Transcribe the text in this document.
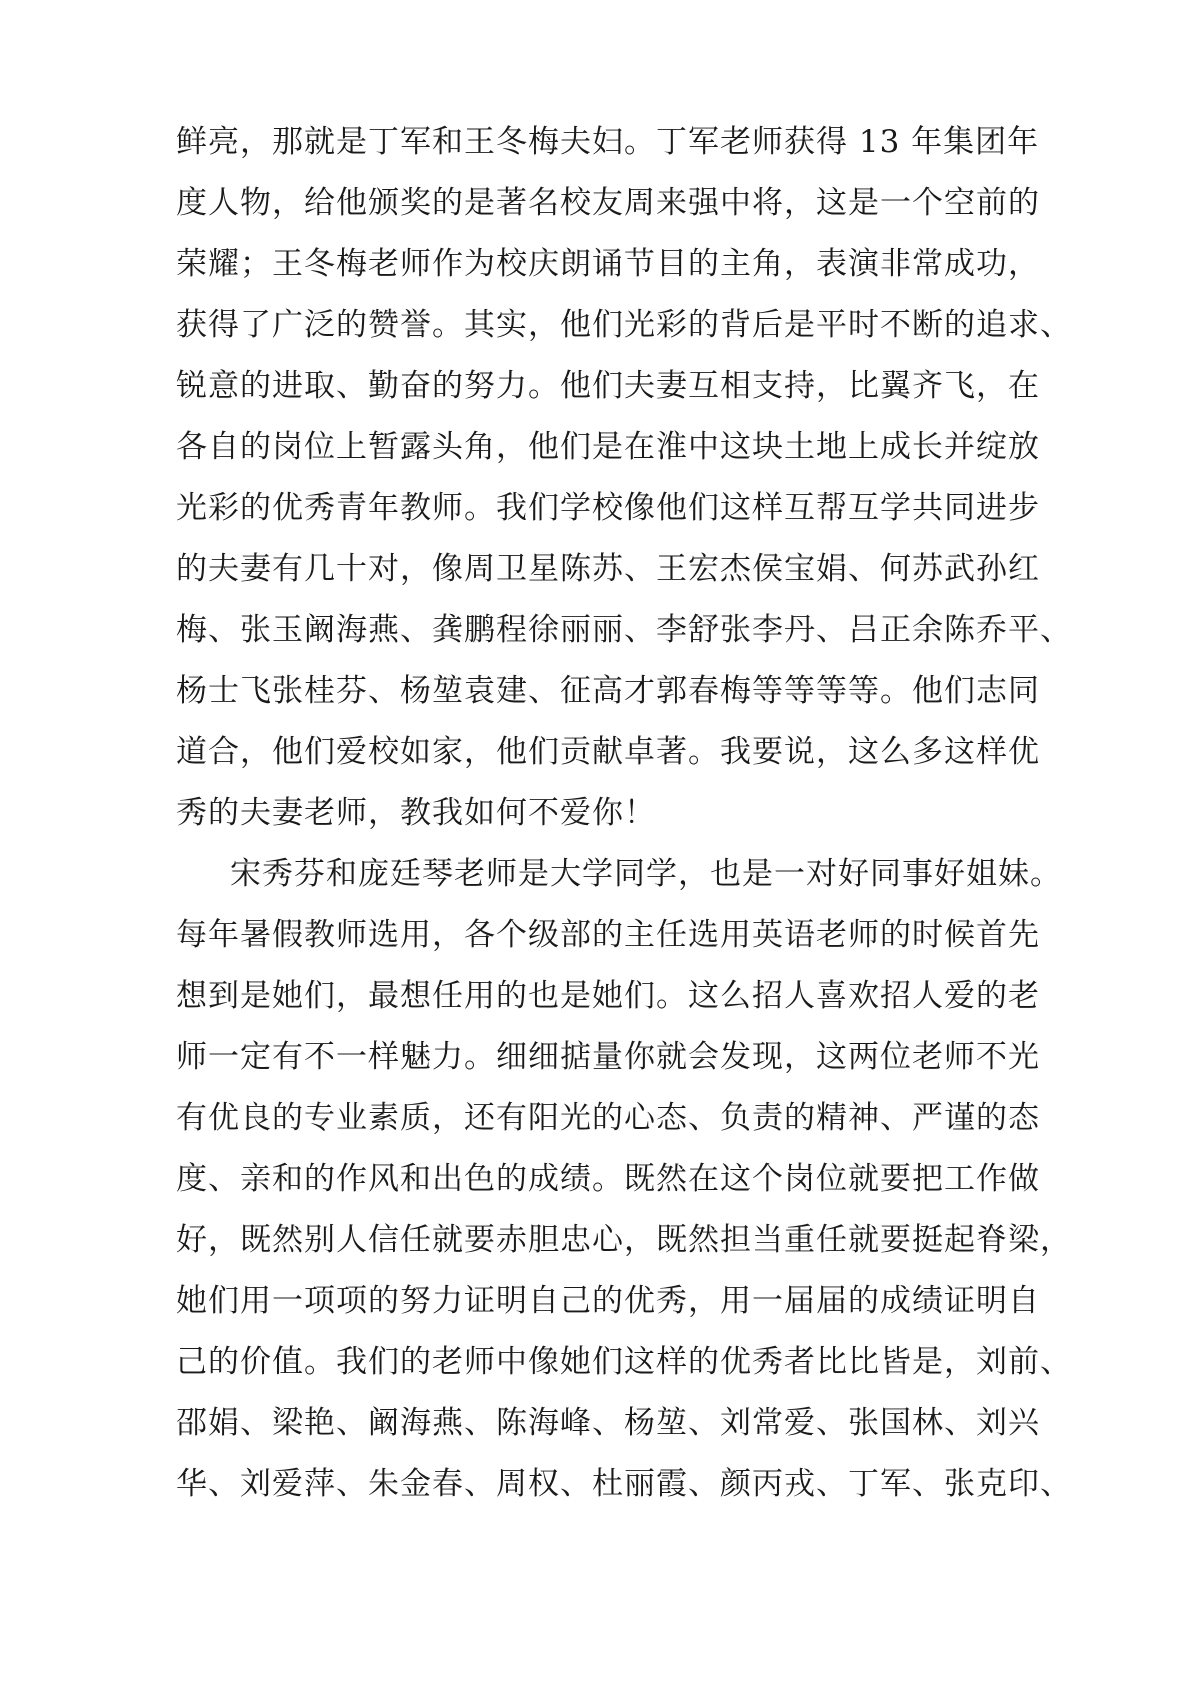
鲜亮，那就是丁军和王冬梅夫妇。丁军老师获得 13 年集团年
度人物，给他颁奖的是著名校友周来强中将，这是一个空前的
荣耀；王冬梅老师作为校庆朗诵节目的主角，表演非常成功，
获得了广泛的赞誉。其实，他们光彩的背后是平时不断的追求、
锐意的进取、勤奋的努力。他们夫妻互相支持，比翼齐飞，在
各自的岗位上暂露头角，他们是在淮中这块土地上成长并绽放
光彩的优秀青年教师。我们学校像他们这样互帮互学共同进步
的夫妻有几十对，像周卫星陈苏、王宏杰侯宝娟、何苏武孙红
梅、张玉阚海燕、龚鹏程徐丽丽、李舒张李丹、吕正余陈乔平、
杨士飞张桂芬、杨堃袁建、征高才郭春梅等等等等。他们志同
道合，他们爱校如家，他们贡献卓著。我要说，这么多这样优
秀的夫妻老师，教我如何不爱你！
宋秀芬和庞廷琴老师是大学同学，也是一对好同事好姐妹。
每年暑假教师选用，各个级部的主任选用英语老师的时候首先
想到是她们，最想任用的也是她们。这么招人喜欢招人爱的老
师一定有不一样魅力。细细掂量你就会发现，这两位老师不光
有优良的专业素质，还有阳光的心态、负责的精神、严谨的态
度、亲和的作风和出色的成绩。既然在这个岗位就要把工作做
好，既然别人信任就要赤胆忠心，既然担当重任就要挺起脊梁，
她们用一项项的努力证明自己的优秀，用一届届的成绩证明自
己的价值。我们的老师中像她们这样的优秀者比比皆是，刘前、
邵娟、梁艳、阚海燕、陈海峰、杨堃、刘常爱、张国林、刘兴
华、刘爱萍、朱金春、周权、杜丽霞、颜丙戎、丁军、张克印、
